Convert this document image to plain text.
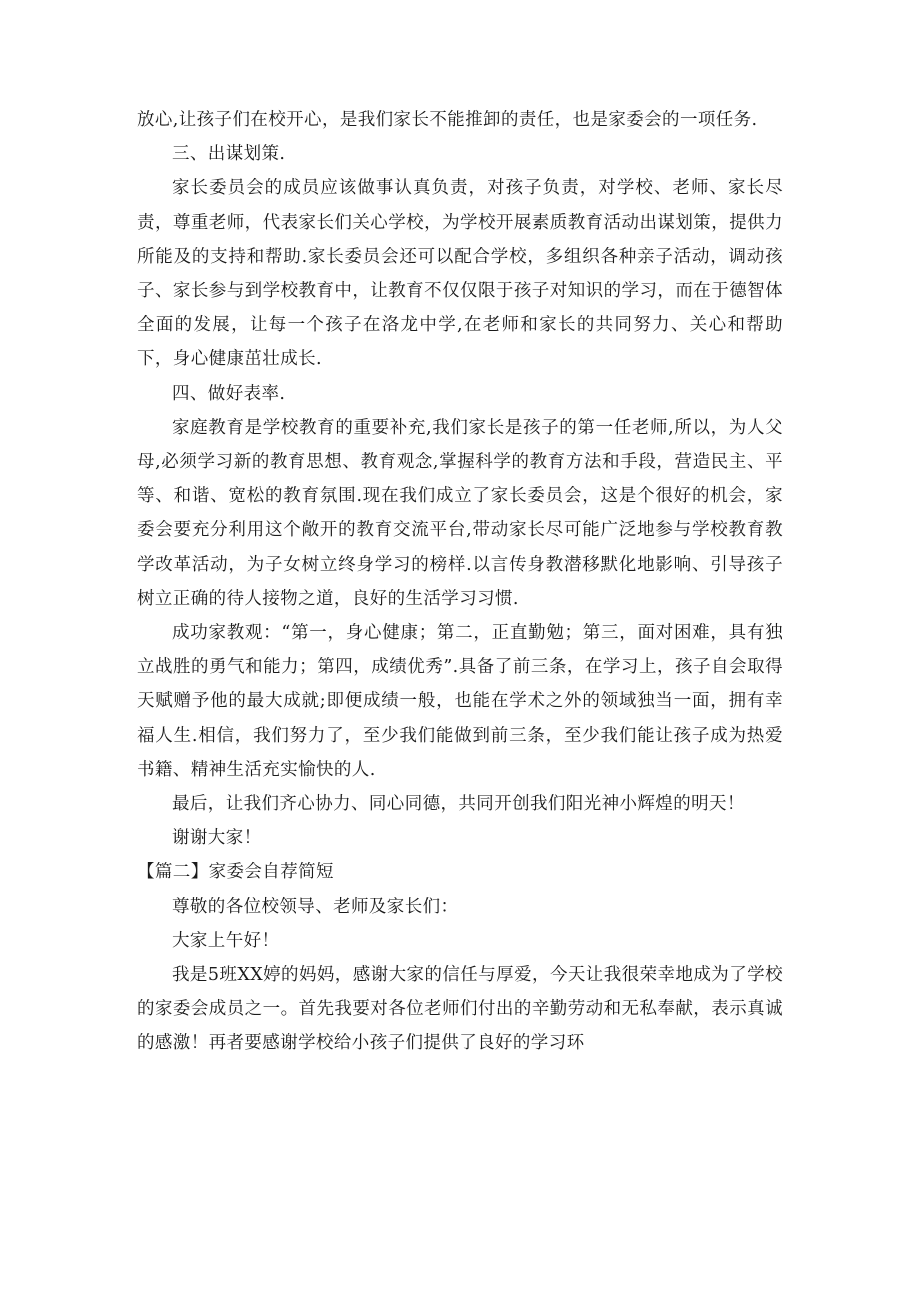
放心,让孩子们在校开心，是我们家长不能推卸的责任，也是家委会的一项任务.

三、出谋划策.

家长委员会的成员应该做事认真负责，对孩子负责，对学校、老师、家长尽责，尊重老师，代表家长们关心学校，为学校开展素质教育活动出谋划策，提供力所能及的支持和帮助.家长委员会还可以配合学校，多组织各种亲子活动，调动孩子、家长参与到学校教育中，让教育不仅仅限于孩子对知识的学习，而在于德智体全面的发展，让每一个孩子在洛龙中学,在老师和家长的共同努力、关心和帮助下，身心健康茁壮成长.

四、做好表率.

家庭教育是学校教育的重要补充,我们家长是孩子的第一任老师,所以，为人父母,必须学习新的教育思想、教育观念,掌握科学的教育方法和手段，营造民主、平等、和谐、宽松的教育氛围.现在我们成立了家长委员会，这是个很好的机会，家委会要充分利用这个敞开的教育交流平台,带动家长尽可能广泛地参与学校教育教学改革活动，为子女树立终身学习的榜样.以言传身教潜移默化地影响、引导孩子树立正确的待人接物之道，良好的生活学习习惯.

成功家教观：“第一，身心健康；第二，正直勤勉；第三，面对困难，具有独立战胜的勇气和能力；第四，成绩优秀”.具备了前三条，在学习上，孩子自会取得天赋赠予他的最大成就;即便成绩一般，也能在学术之外的领域独当一面，拥有幸福人生.相信，我们努力了，至少我们能做到前三条，至少我们能让孩子成为热爱书籍、精神生活充实愉快的人.

最后，让我们齐心协力、同心同德，共同开创我们阳光神小辉煌的明天！

谢谢大家！

【篇二】家委会自荐简短

尊敬的各位校领导、老师及家长们：

大家上午好！

我是5班XX婷的妈妈，感谢大家的信任与厚爱，今天让我很荣幸地成为了学校的家委会成员之一。首先我要对各位老师们付出的辛勤劳动和无私奉献，表示真诚的感激！再者要感谢学校给小孩子们提供了良好的学习环
